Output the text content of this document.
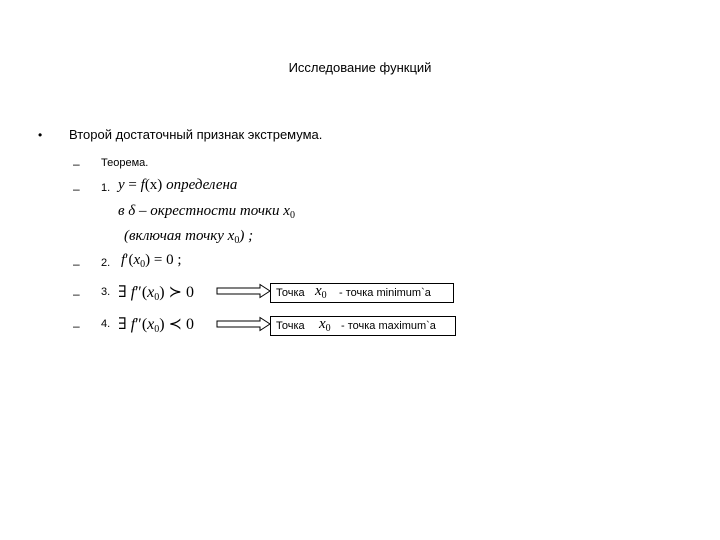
Исследование функций
• Второй достаточный признак экстремума.
– Теорема.
– 1. y = f(x) определена
в δ – окрестности точки $x_0$
(включая точку $x_0$) ;
– 2. $f'(x_0) = 0$ ;
– 3. ∃ $f''(x_0)$ ≻ 0
– 4. ∃ $f''(x_0)$ ≺ 0
Точка $x_0$ - точка minimum`a
Точка $x_0$ - точка maximum`a
